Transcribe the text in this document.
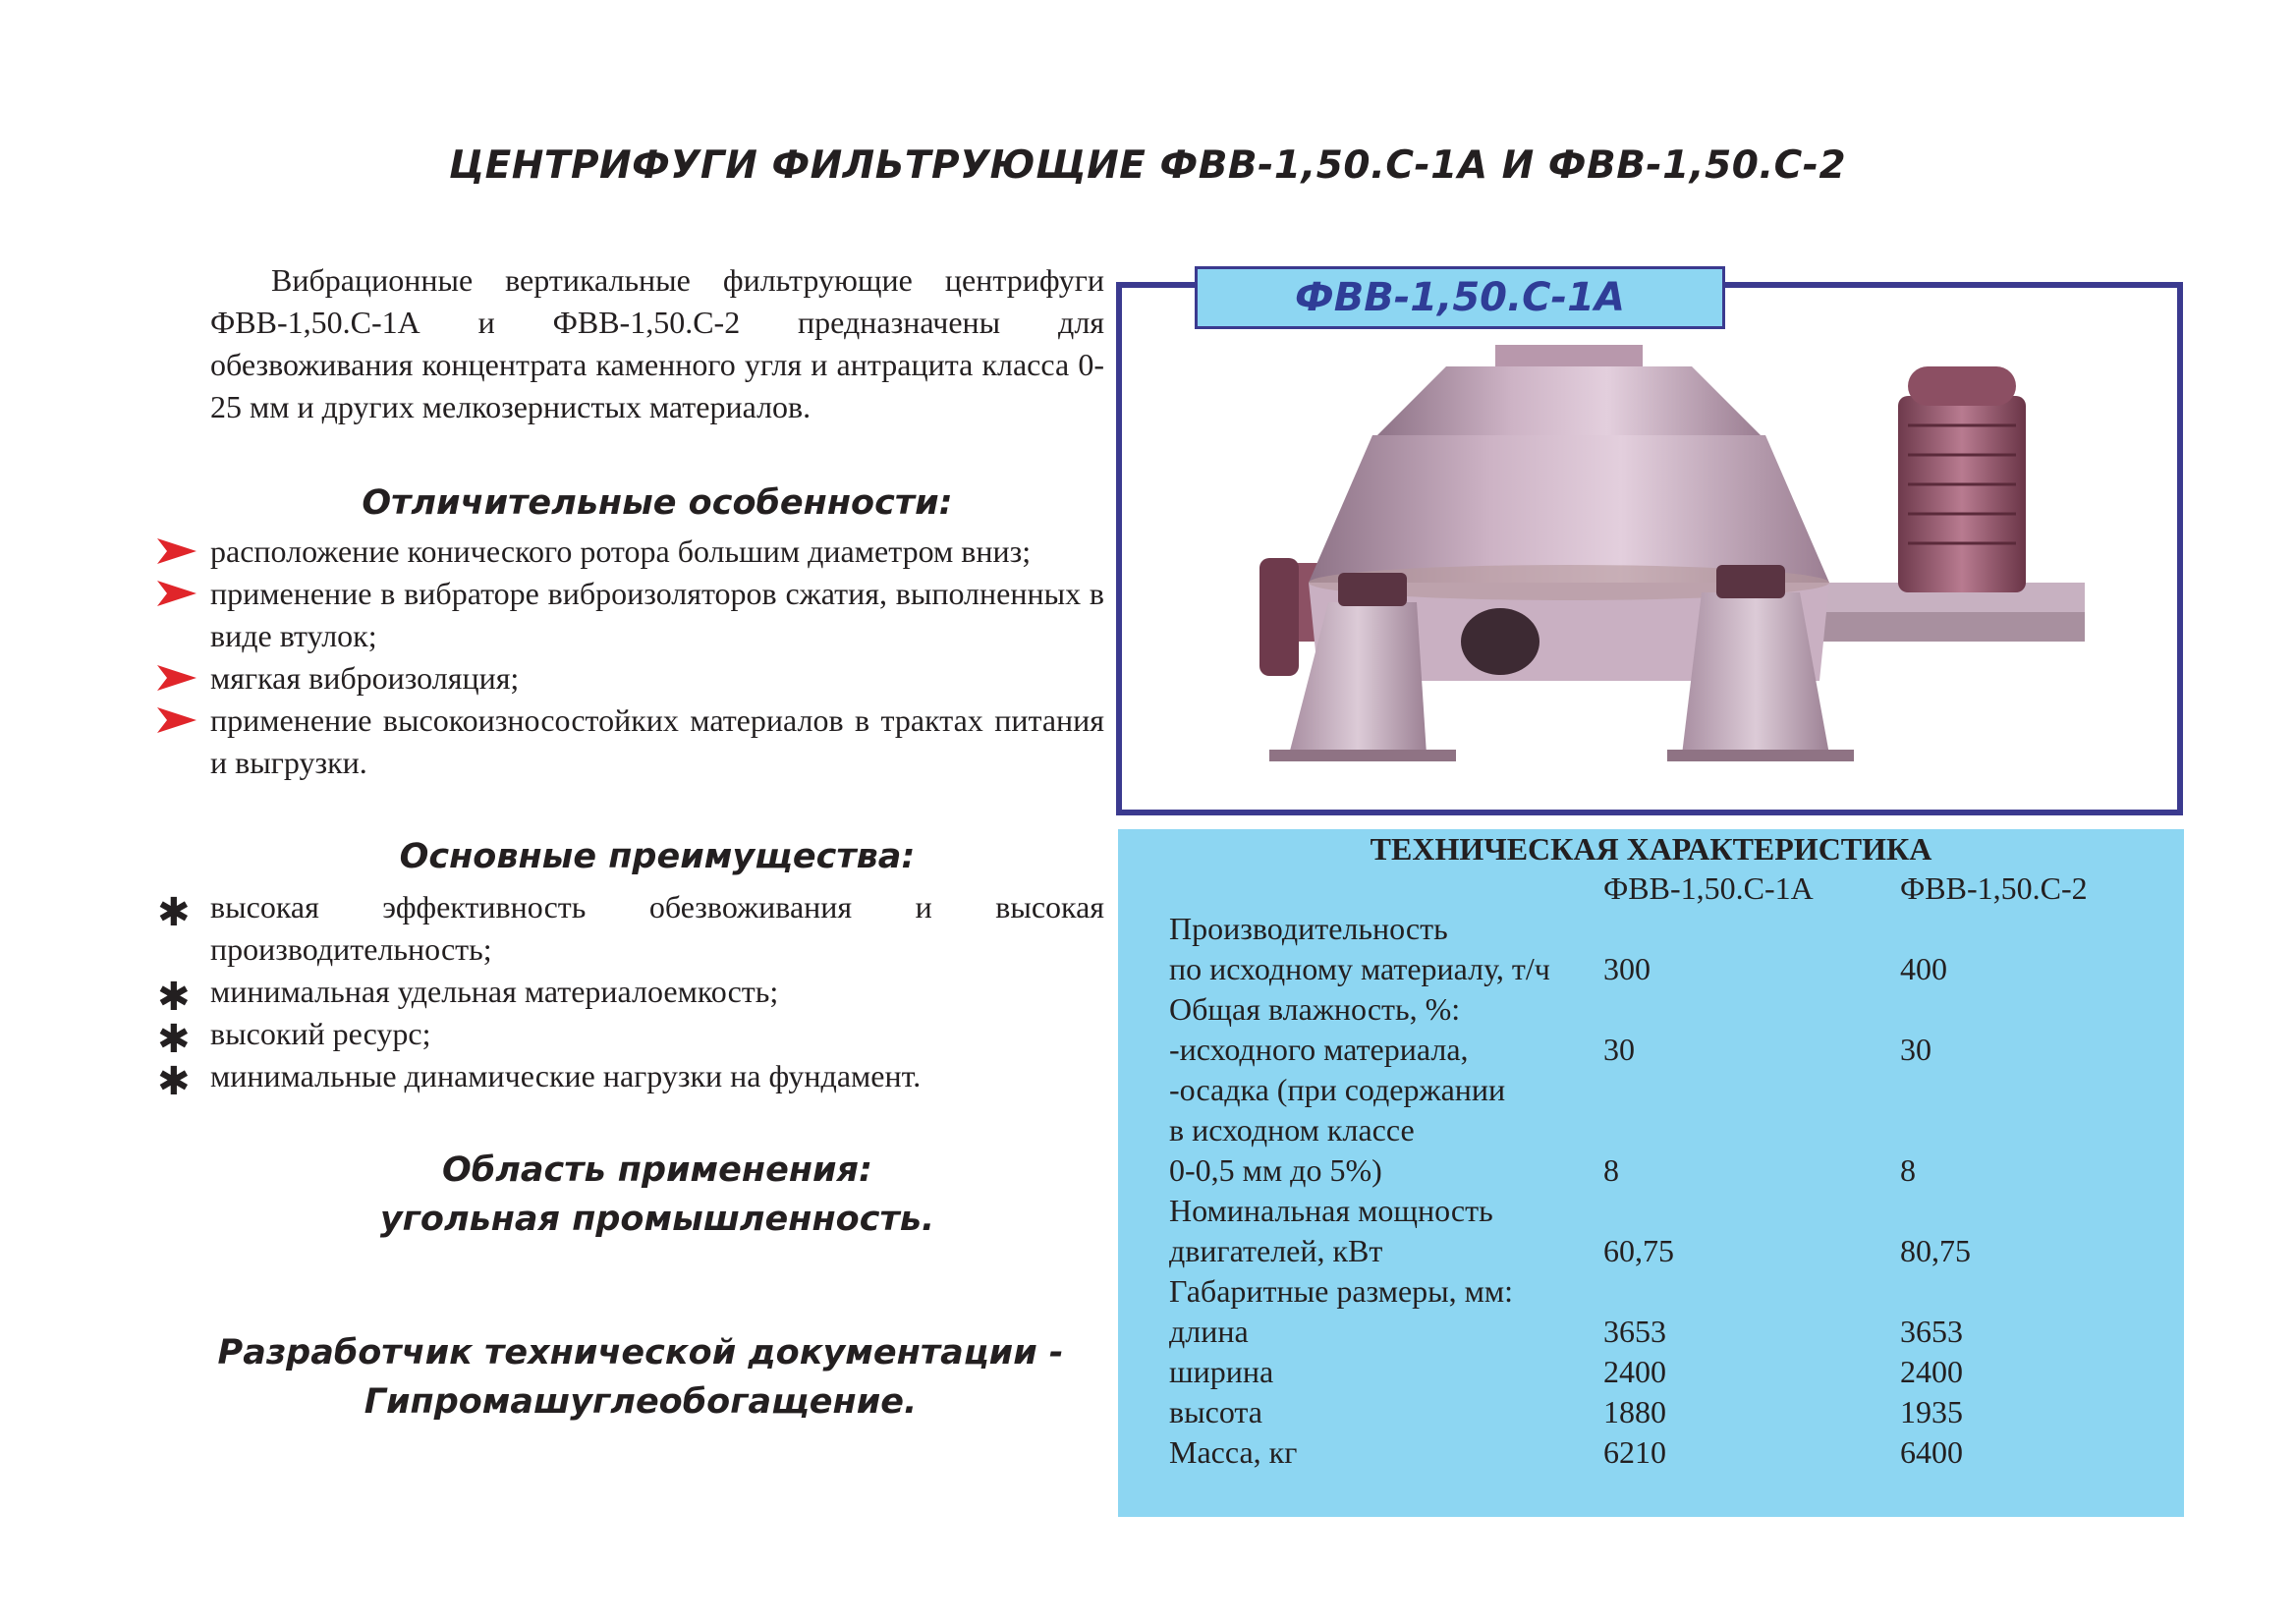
ЦЕНТРИФУГИ ФИЛЬТРУЮЩИЕ ФВВ-1,50.С-1А И ФВВ-1,50.С-2
Вибрационные вертикальные фильтрующие центрифуги ФВВ-1,50.С-1А и ФВВ-1,50.С-2 предназначены для обезвоживания концентрата каменного угля и антрацита класса 0-25 мм и других мелкозернистых материалов.
Отличительные особенности:
расположение конического ротора большим диаметром вниз;
применение в вибраторе виброизоляторов сжатия, выполненных в виде втулок;
мягкая виброизоляция;
применение высокоизносостойких материалов в трактах питания и выгрузки.
Основные преимущества:
✱ высокая эффективность обезвоживания и высокая производительность;
✱ минимальная удельная материалоемкость;
✱ высокий ресурс;
✱ минимальные динамические нагрузки на фундамент.
Область применения:
угольная промышленность.
Разработчик технической документации -
Гипромашуглеобогащение.
ФВВ-1,50.С-1А
ТЕХНИЧЕСКАЯ ХАРАКТЕРИСТИКА
ФВВ-1,50.С-1А	ФВВ-1,50.С-2
Производительность
по исходному материалу, т/ч 300	400
Общая влажность, %:
-исходного материала,	30	30
-осадка (при содержании
в исходном классе
0-0,5 мм до 5%)	8	8
Номинальная мощность
двигателей, кВт	60,75	80,75
Габаритные размеры, мм:
длина	3653	3653
ширина	2400	2400
высота	1880	1935
Масса, кг	6210	6400
